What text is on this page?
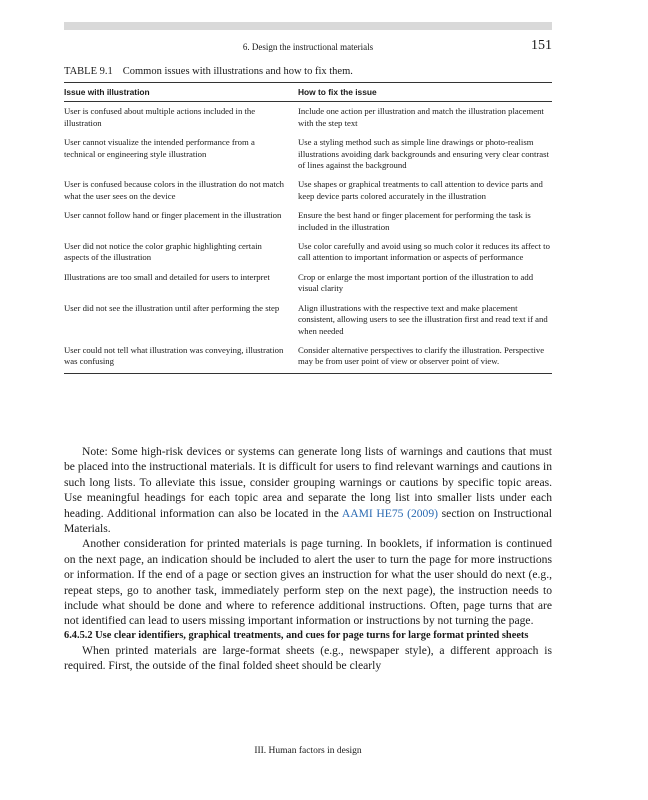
6. Design the instructional materials	151
TABLE 9.1 Common issues with illustrations and how to fix them.
Issue with illustration	How to fix the issue
User is confused about multiple actions included in the illustration	Include one action per illustration and match the illustration placement with the step text
User cannot visualize the intended performance from a technical or engineering style illustration	Use a styling method such as simple line drawings or photo-realism illustrations avoiding dark backgrounds and ensuring very clear contrast of lines against the background
User is confused because colors in the illustration do not match what the user sees on the device	Use shapes or graphical treatments to call attention to device parts and keep device parts colored accurately in the illustration
User cannot follow hand or finger placement in the illustration	Ensure the best hand or finger placement for performing the task is included in the illustration
User did not notice the color graphic highlighting certain aspects of the illustration	Use color carefully and avoid using so much color it reduces its affect to call attention to important information or aspects of performance
Illustrations are too small and detailed for users to interpret	Crop or enlarge the most important portion of the illustration to add visual clarity
User did not see the illustration until after performing the step	Align illustrations with the respective text and make placement consistent, allowing users to see the illustration first and read text if and when needed
User could not tell what illustration was conveying, illustration was confusing	Consider alternative perspectives to clarify the illustration. Perspective may be from user point of view or observer point of view.

Note: Some high-risk devices or systems can generate long lists of warnings and cautions that must be placed into the instructional materials. It is difficult for users to find relevant warnings and cautions in such long lists. To alleviate this issue, consider grouping warnings or cautions by specific topic areas. Use meaningful headings for each topic area and separate the long list into smaller lists under each heading. Additional information can also be located in the AAMI HE75 (2009) section on Instructional Materials.

Another consideration for printed materials is page turning. In booklets, if information is continued on the next page, an indication should be included to alert the user to turn the page for more instructions or information. If the end of a page or section gives an instruction for what the user should do next (e.g., repeat steps, go to another task, immediately perform step on the next page), the instruction needs to include what should be done and where to reference additional instructions. Often, page turns that are not identified can lead to users missing important information or instructions by not turning the page.

6.4.5.2 Use clear identifiers, graphical treatments, and cues for page turns for large format printed sheets

When printed materials are large-format sheets (e.g., newspaper style), a different approach is required. First, the outside of the final folded sheet should be clearly

III. Human factors in design
